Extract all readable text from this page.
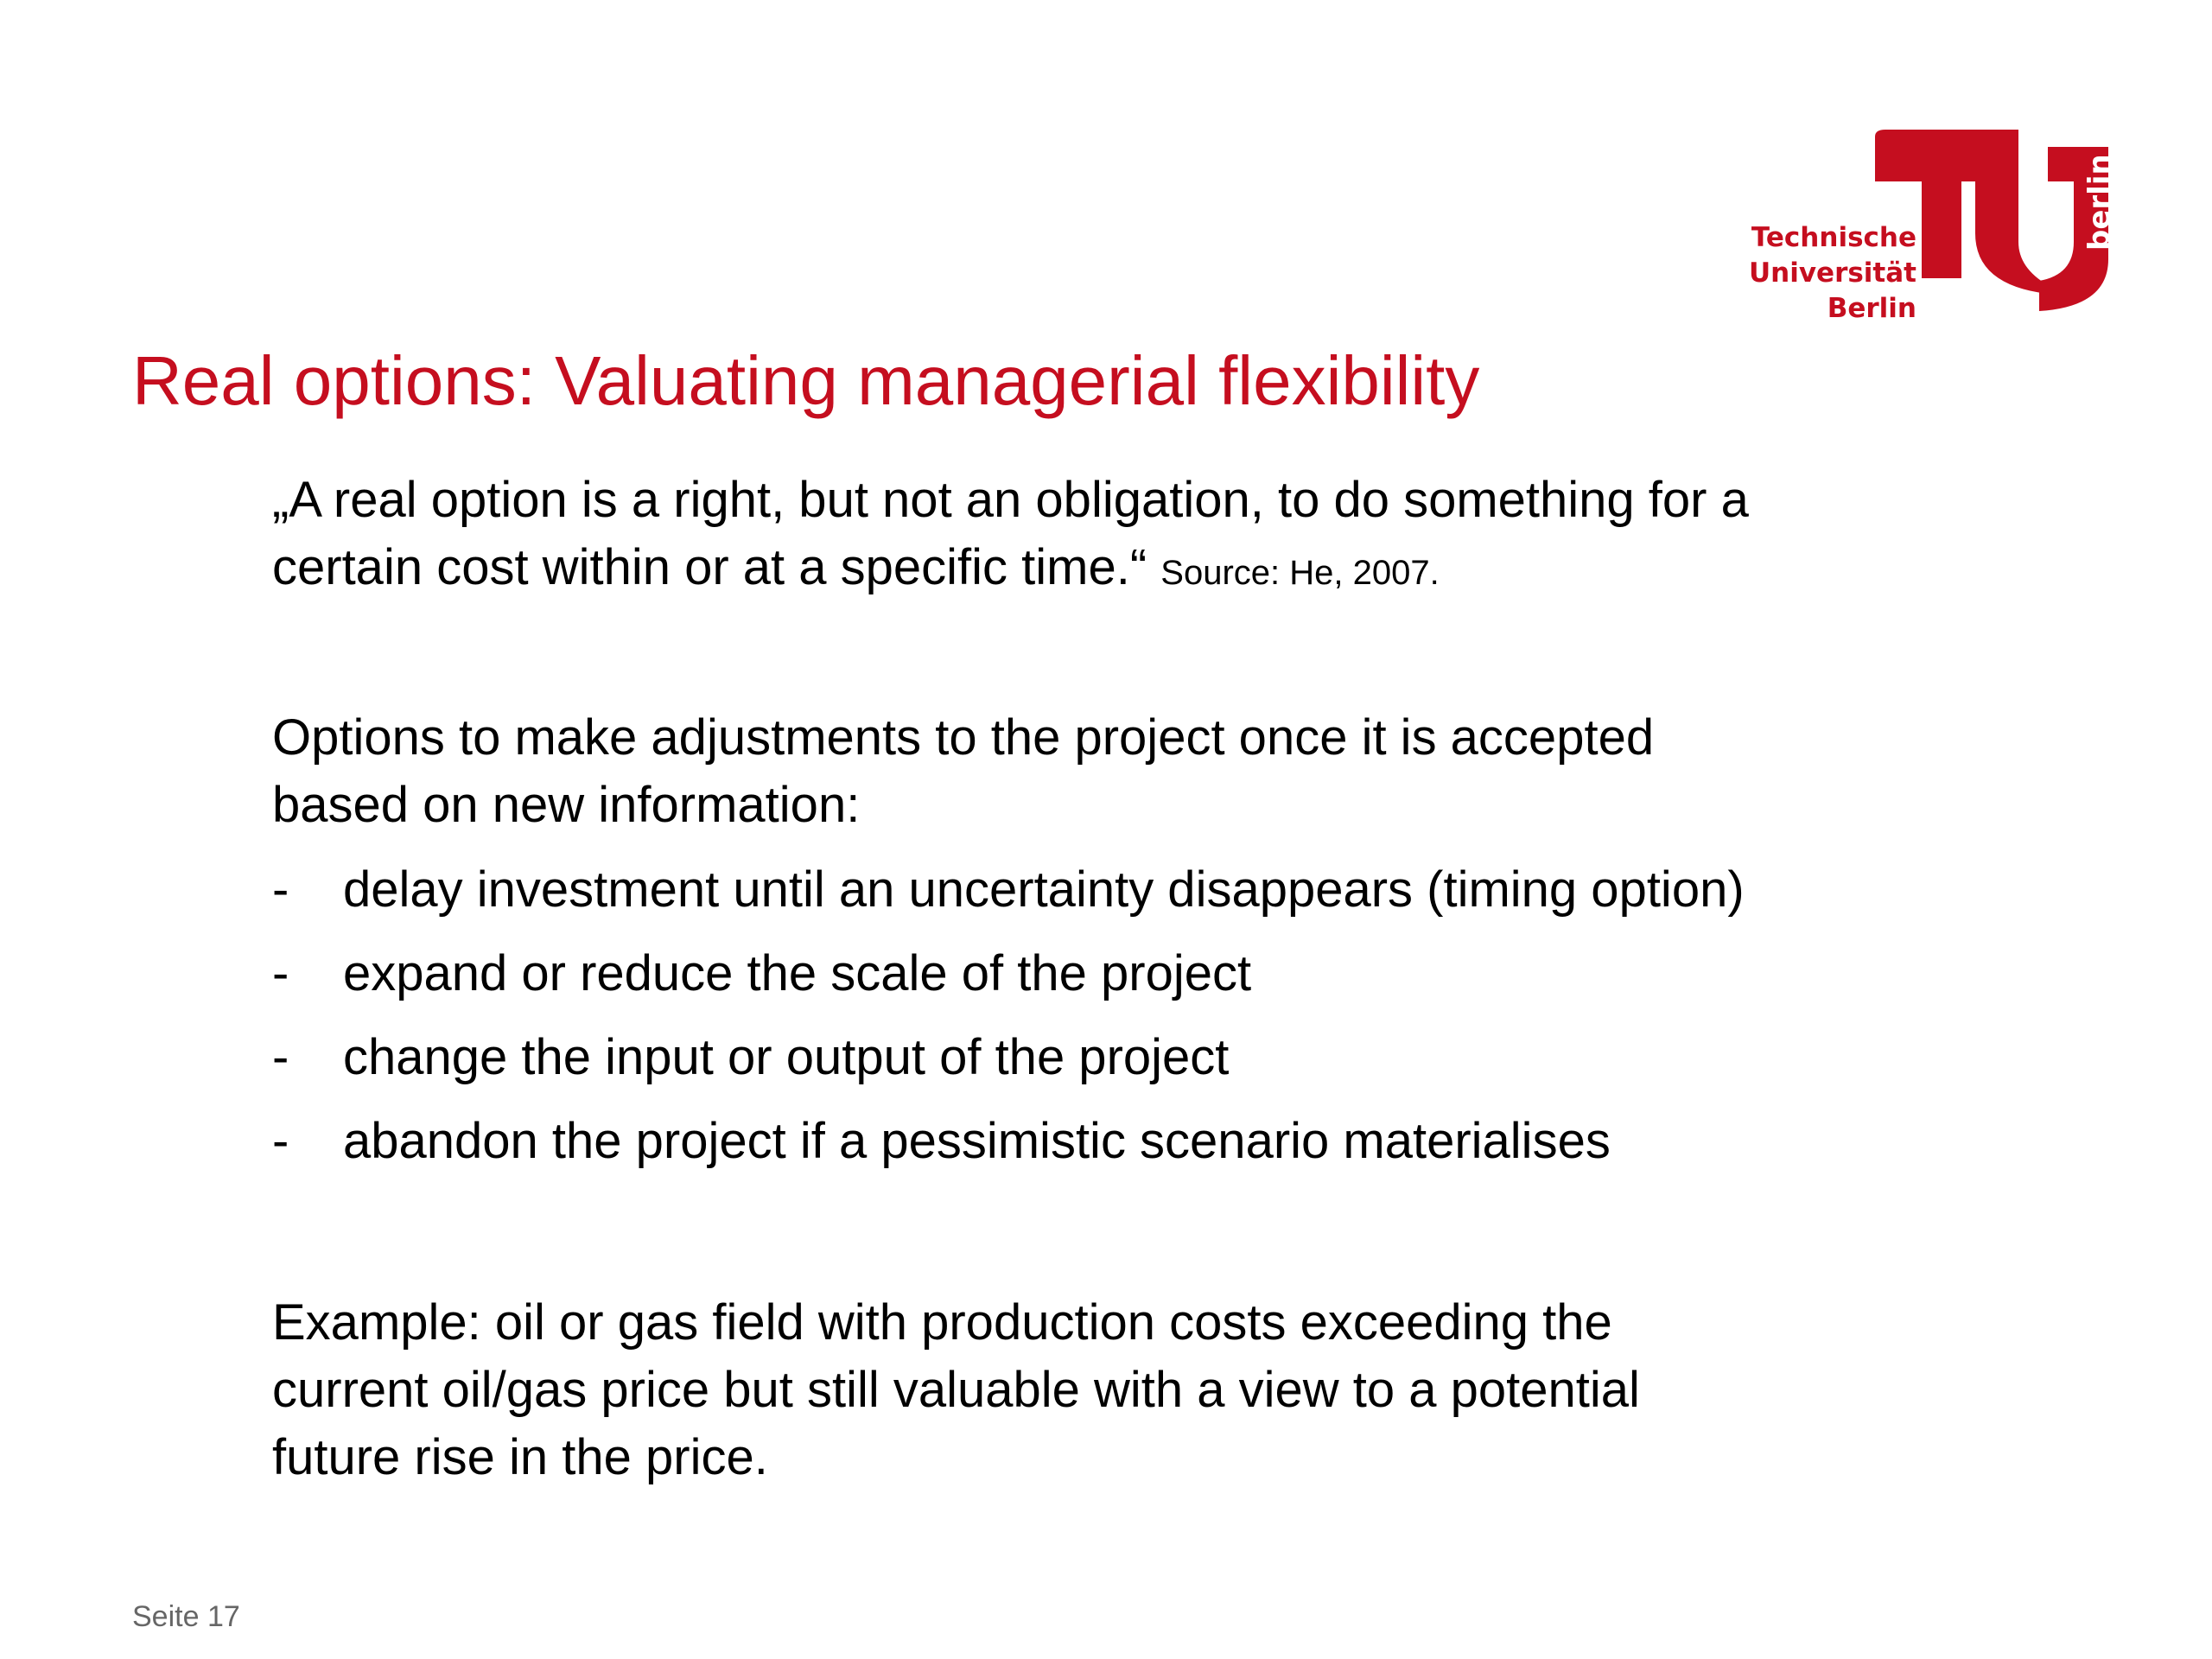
Technische
Universität
Berlin
berlin
Real options: Valuating managerial flexibility

„A real option is a right, but not an obligation, to do something for a
certain cost within or at a specific time.“ Source: He, 2007.

Options to make adjustments to the project once it is accepted
based on new information:

-	delay investment until an uncertainty disappears (timing option)
-	expand or reduce the scale of the project
-	change the input or output of the project
-	abandon the project if a pessimistic scenario materialises

Example: oil or gas field with production costs exceeding the
current oil/gas price but still valuable with a view to a potential
future rise in the price.

Seite 17
